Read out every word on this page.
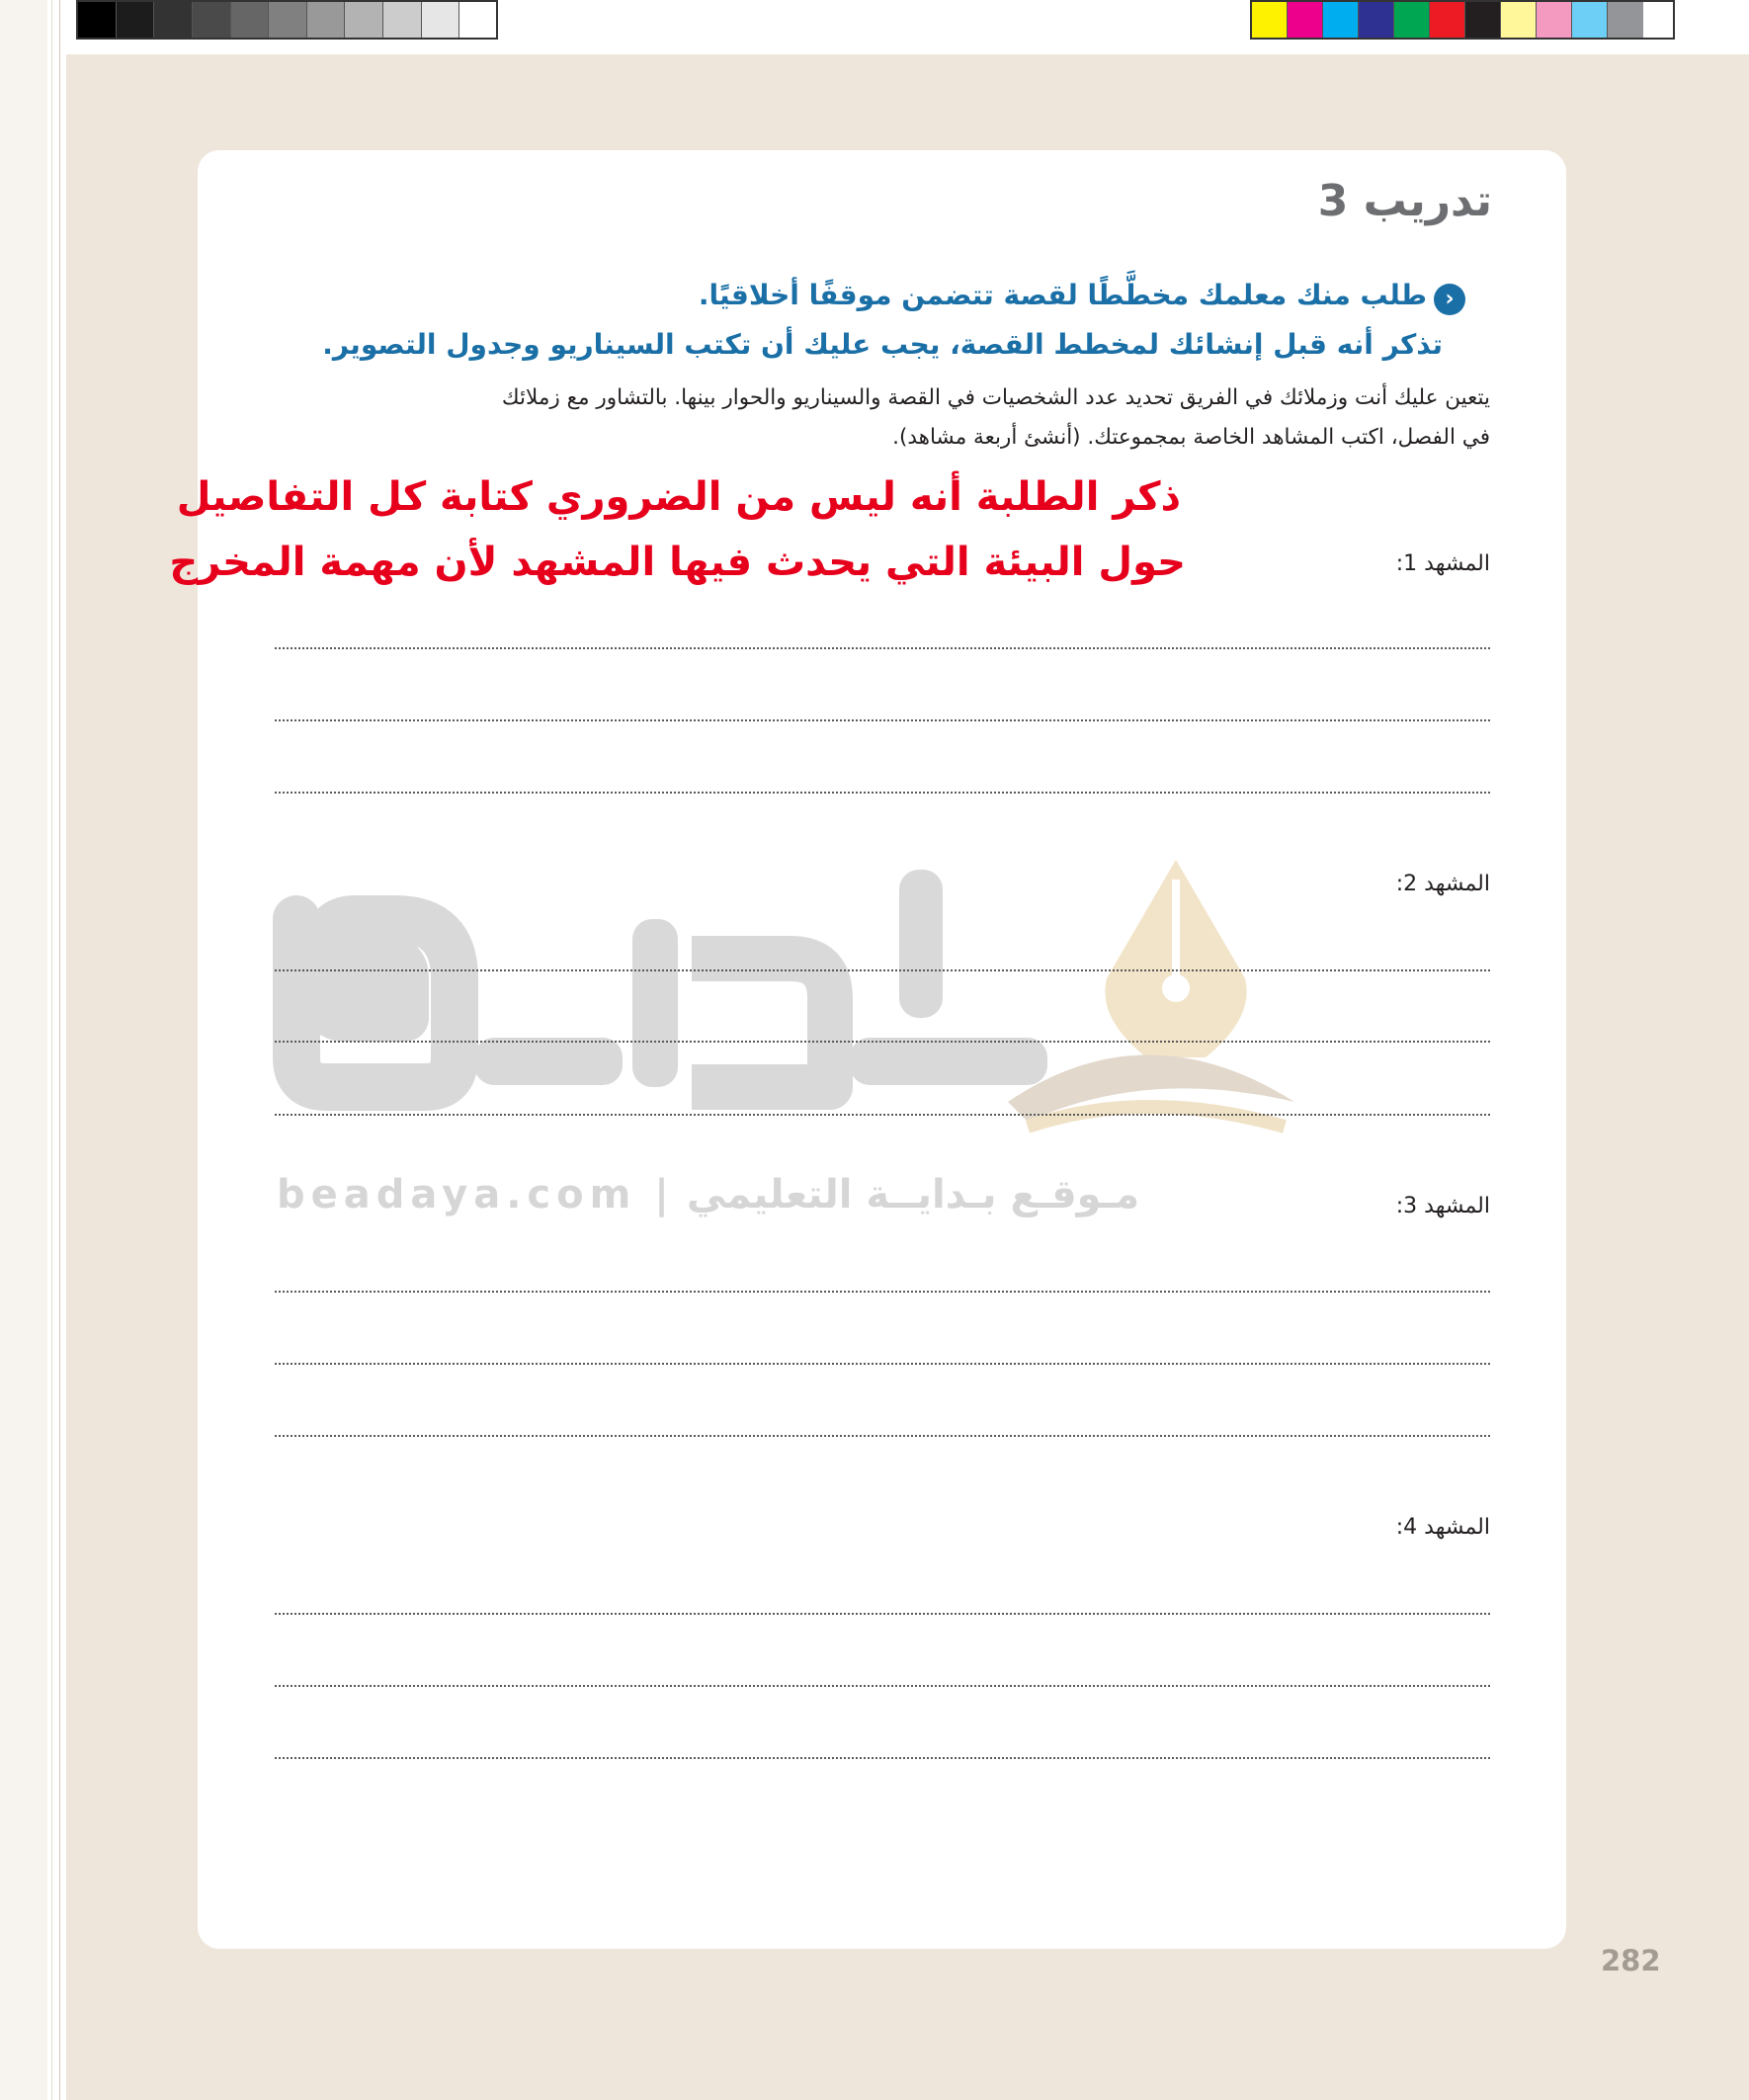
beadaya.com | مـوقـع بـدايــة التعليمي
تدريب 3
›
طلب منك معلمك مخطَّطًا لقصة تتضمن موقفًا أخلاقيًا.
تذكر أنه قبل إنشائك لمخطط القصة، يجب عليك أن تكتب السيناريو وجدول التصوير.
يتعين عليك أنت وزملائك في الفريق تحديد عدد الشخصيات في القصة والسيناريو والحوار بينها. بالتشاور مع زملائك
في الفصل، اكتب المشاهد الخاصة بمجموعتك. (أنشئ أربعة مشاهد).
ذكر الطلبة أنه ليس من الضروري كتابة كل التفاصيل
حول البيئة التي يحدث فيها المشهد لأن مهمة المخرج	المشهد 1:
المشهد 2:
المشهد 3:
المشهد 4:
282
